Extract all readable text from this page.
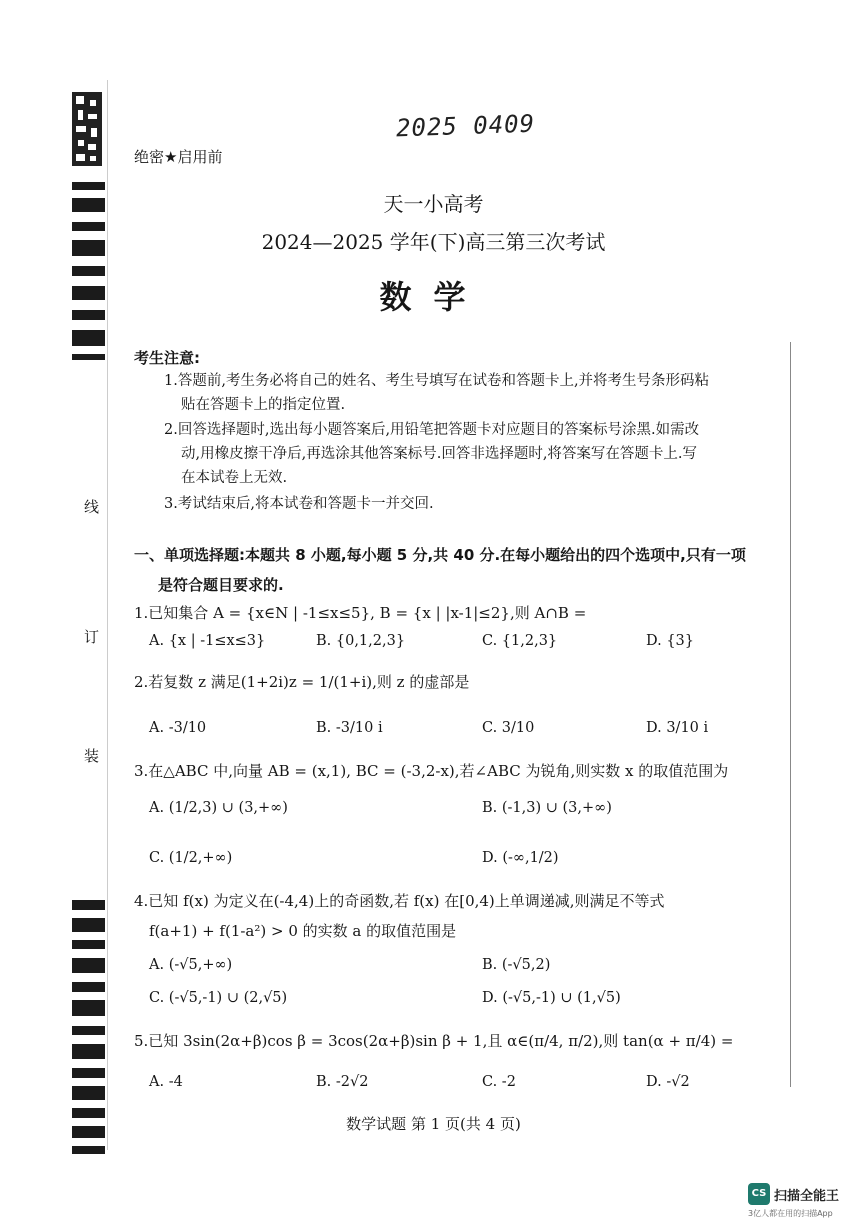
线
订
装
2025 0409
绝密★启用前
天一小高考
2024—2025 学年(下)高三第三次考试
数学
考生注意:
1.答题前,考生务必将自己的姓名、考生号填写在试卷和答题卡上,并将考生号条形码粘
贴在答题卡上的指定位置.
2.回答选择题时,选出每小题答案后,用铅笔把答题卡对应题目的答案标号涂黑.如需改
动,用橡皮擦干净后,再选涂其他答案标号.回答非选择题时,将答案写在答题卡上.写
在本试卷上无效.
3.考试结束后,将本试卷和答题卡一并交回.
一、单项选择题:本题共 8 小题,每小题 5 分,共 40 分.在每小题给出的四个选项中,只有一项
是符合题目要求的.
1.已知集合 A = {x∈N | -1≤x≤5}, B = {x | |x-1|≤2},则 A∩B =
A. {x | -1≤x≤3}	B. {0,1,2,3}	C. {1,2,3}	D. {3}
2.若复数 z 满足(1+2i)z = 1/(1+i),则 z 的虚部是
A. -3/10	B. -3/10 i	C. 3/10	D. 3/10 i
3.在△ABC 中,向量 AB = (x,1), BC = (-3,2-x),若∠ABC 为锐角,则实数 x 的取值范围为
A. (1/2,3) ∪ (3,+∞)	B. (-1,3) ∪ (3,+∞)
C. (1/2,+∞)	D. (-∞,1/2)
4.已知 f(x) 为定义在(-4,4)上的奇函数,若 f(x) 在[0,4)上单调递减,则满足不等式
f(a+1) + f(1-a²) > 0 的实数 a 的取值范围是
A. (-√5,+∞)	B. (-√5,2)
C. (-√5,-1) ∪ (2,√5)	D. (-√5,-1) ∪ (1,√5)
5.已知 3sin(2α+β)cos β = 3cos(2α+β)sin β + 1,且 α∈(π/4, π/2),则 tan(α + π/4) =
A. -4	B. -2√2	C. -2	D. -√2
数学试题 第 1 页(共 4 页)
CS 扫描全能王
3亿人都在用的扫描App
